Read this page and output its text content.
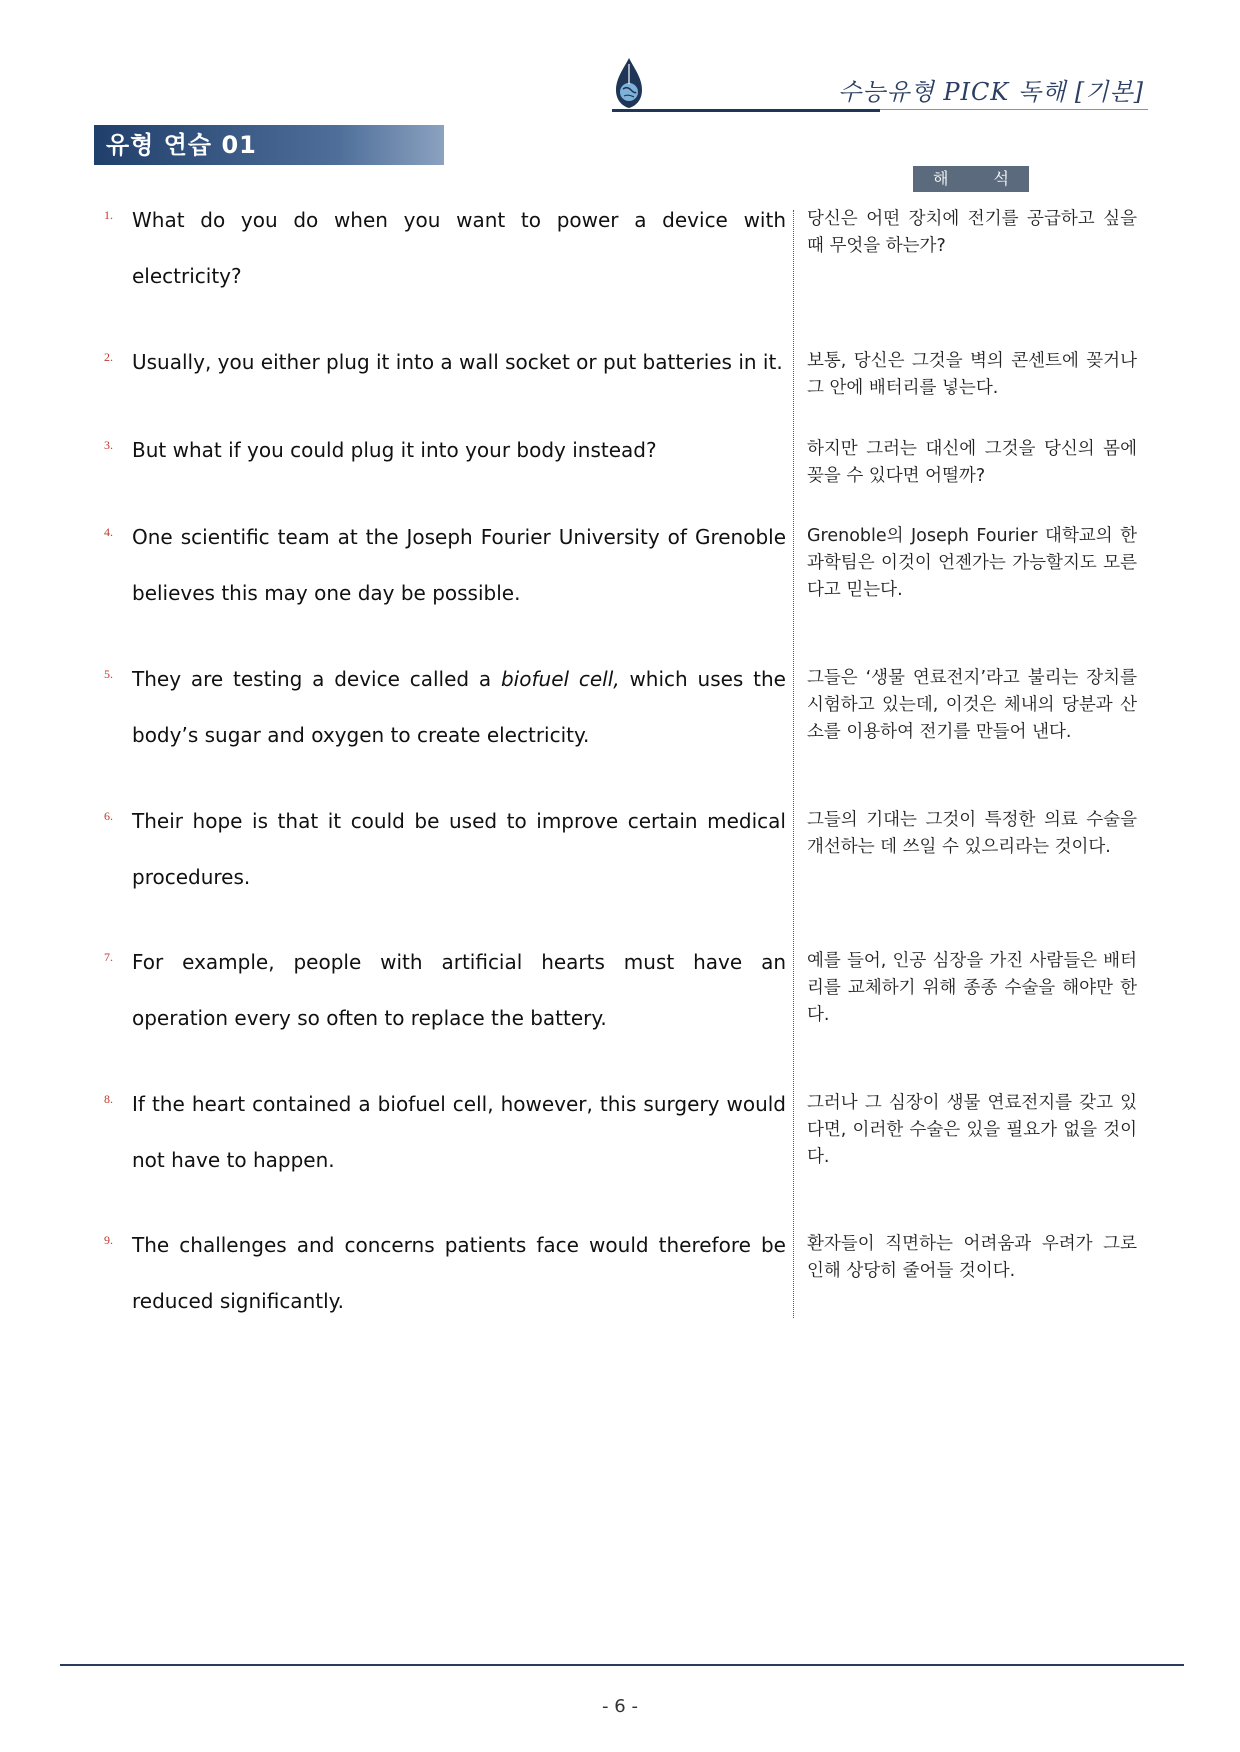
수능유형 PICK 독해 [기본]
유형 연습 01
해 석
1. What do you do when you want to power a device with electricity?
당신은 어떤 장치에 전기를 공급하고 싶을 때 무엇을 하는가?
2. Usually, you either plug it into a wall socket or put batteries in it. 보통, 당신은 그것을 벽의 콘센트에 꽂거나 그 안에 배터리를 넣는다.
3. But what if you could plug it into your body instead?	하지만 그러는 대신에 그것을 당신의 몸에 꽂을 수 있다면 어떨까?
4. One scientific team at the Joseph Fourier University of Grenoble believes this may one day be possible.
Grenoble의 Joseph Fourier 대학교의 한 과학팀은 이것이 언젠가는 가능할지도 모른다고 믿는다.
5. They are testing a device called a biofuel cell, which uses the body’s sugar and oxygen to create electricity.
그들은 ‘생물 연료전지’라고 불리는 장치를 시험하고 있는데, 이것은 체내의 당분과 산소를 이용하여 전기를 만들어 낸다.
6. Their hope is that it could be used to improve certain medical procedures.
그들의 기대는 그것이 특정한 의료 수술을 개선하는 데 쓰일 수 있으리라는 것이다.
7. For example, people with artificial hearts must have an operation every so often to replace the battery.
예를 들어, 인공 심장을 가진 사람들은 배터리를 교체하기 위해 종종 수술을 해야만 한다.
8. If the heart contained a biofuel cell, however, this surgery would not have to happen.
그러나 그 심장이 생물 연료전지를 갖고 있다면, 이러한 수술은 있을 필요가 없을 것이다.
9. The challenges and concerns patients face would therefore be reduced significantly.
환자들이 직면하는 어려움과 우려가 그로 인해 상당히 줄어들 것이다.
- 6 -
